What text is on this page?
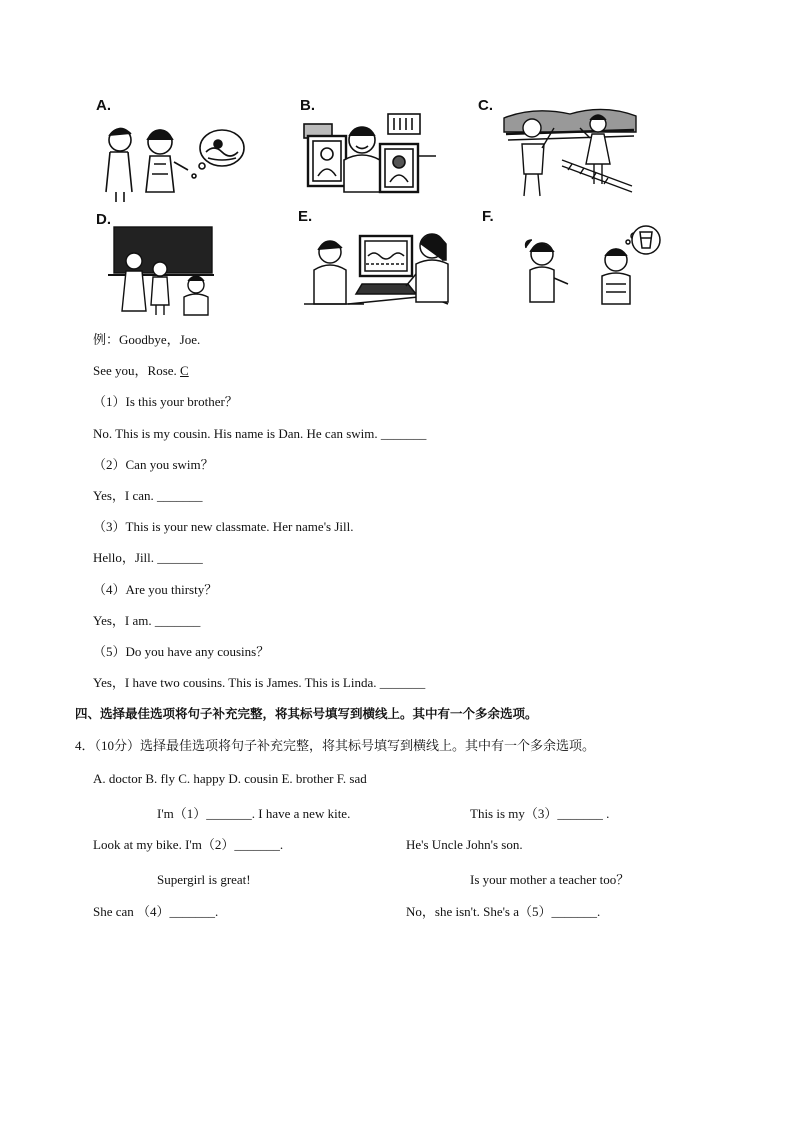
A.	B.	C.
D.	E.	F.
例：Goodbye，Joe.
See you，Rose. C
（1）Is this your brother？
No. This is my cousin. His name is Dan. He can swim. _______
（2）Can you swim？
Yes，I can. _______
（3）This is your new classmate. Her name's Jill.
Hello，Jill. _______
（4）Are you thirsty？
Yes，I am. _______
（5）Do you have any cousins？
Yes，I have two cousins. This is James. This is Linda. _______
四、选择最佳选项将句子补充完整，将其标号填写到横线上。其中有一个多余选项。
4．（10分）选择最佳选项将句子补充完整，将其标号填写到横线上。其中有一个多余选项。
A. doctor B. fly C. happy D. cousin E. brother F. sad
I'm（1）_______. I have a new kite.	This is my（3）_______ .
Look at my bike. I'm（2）_______.	He's Uncle John's son.
Supergirl is great!	Is your mother a teacher too？
She can （4）_______.	No，she isn't. She's a（5）_______.
